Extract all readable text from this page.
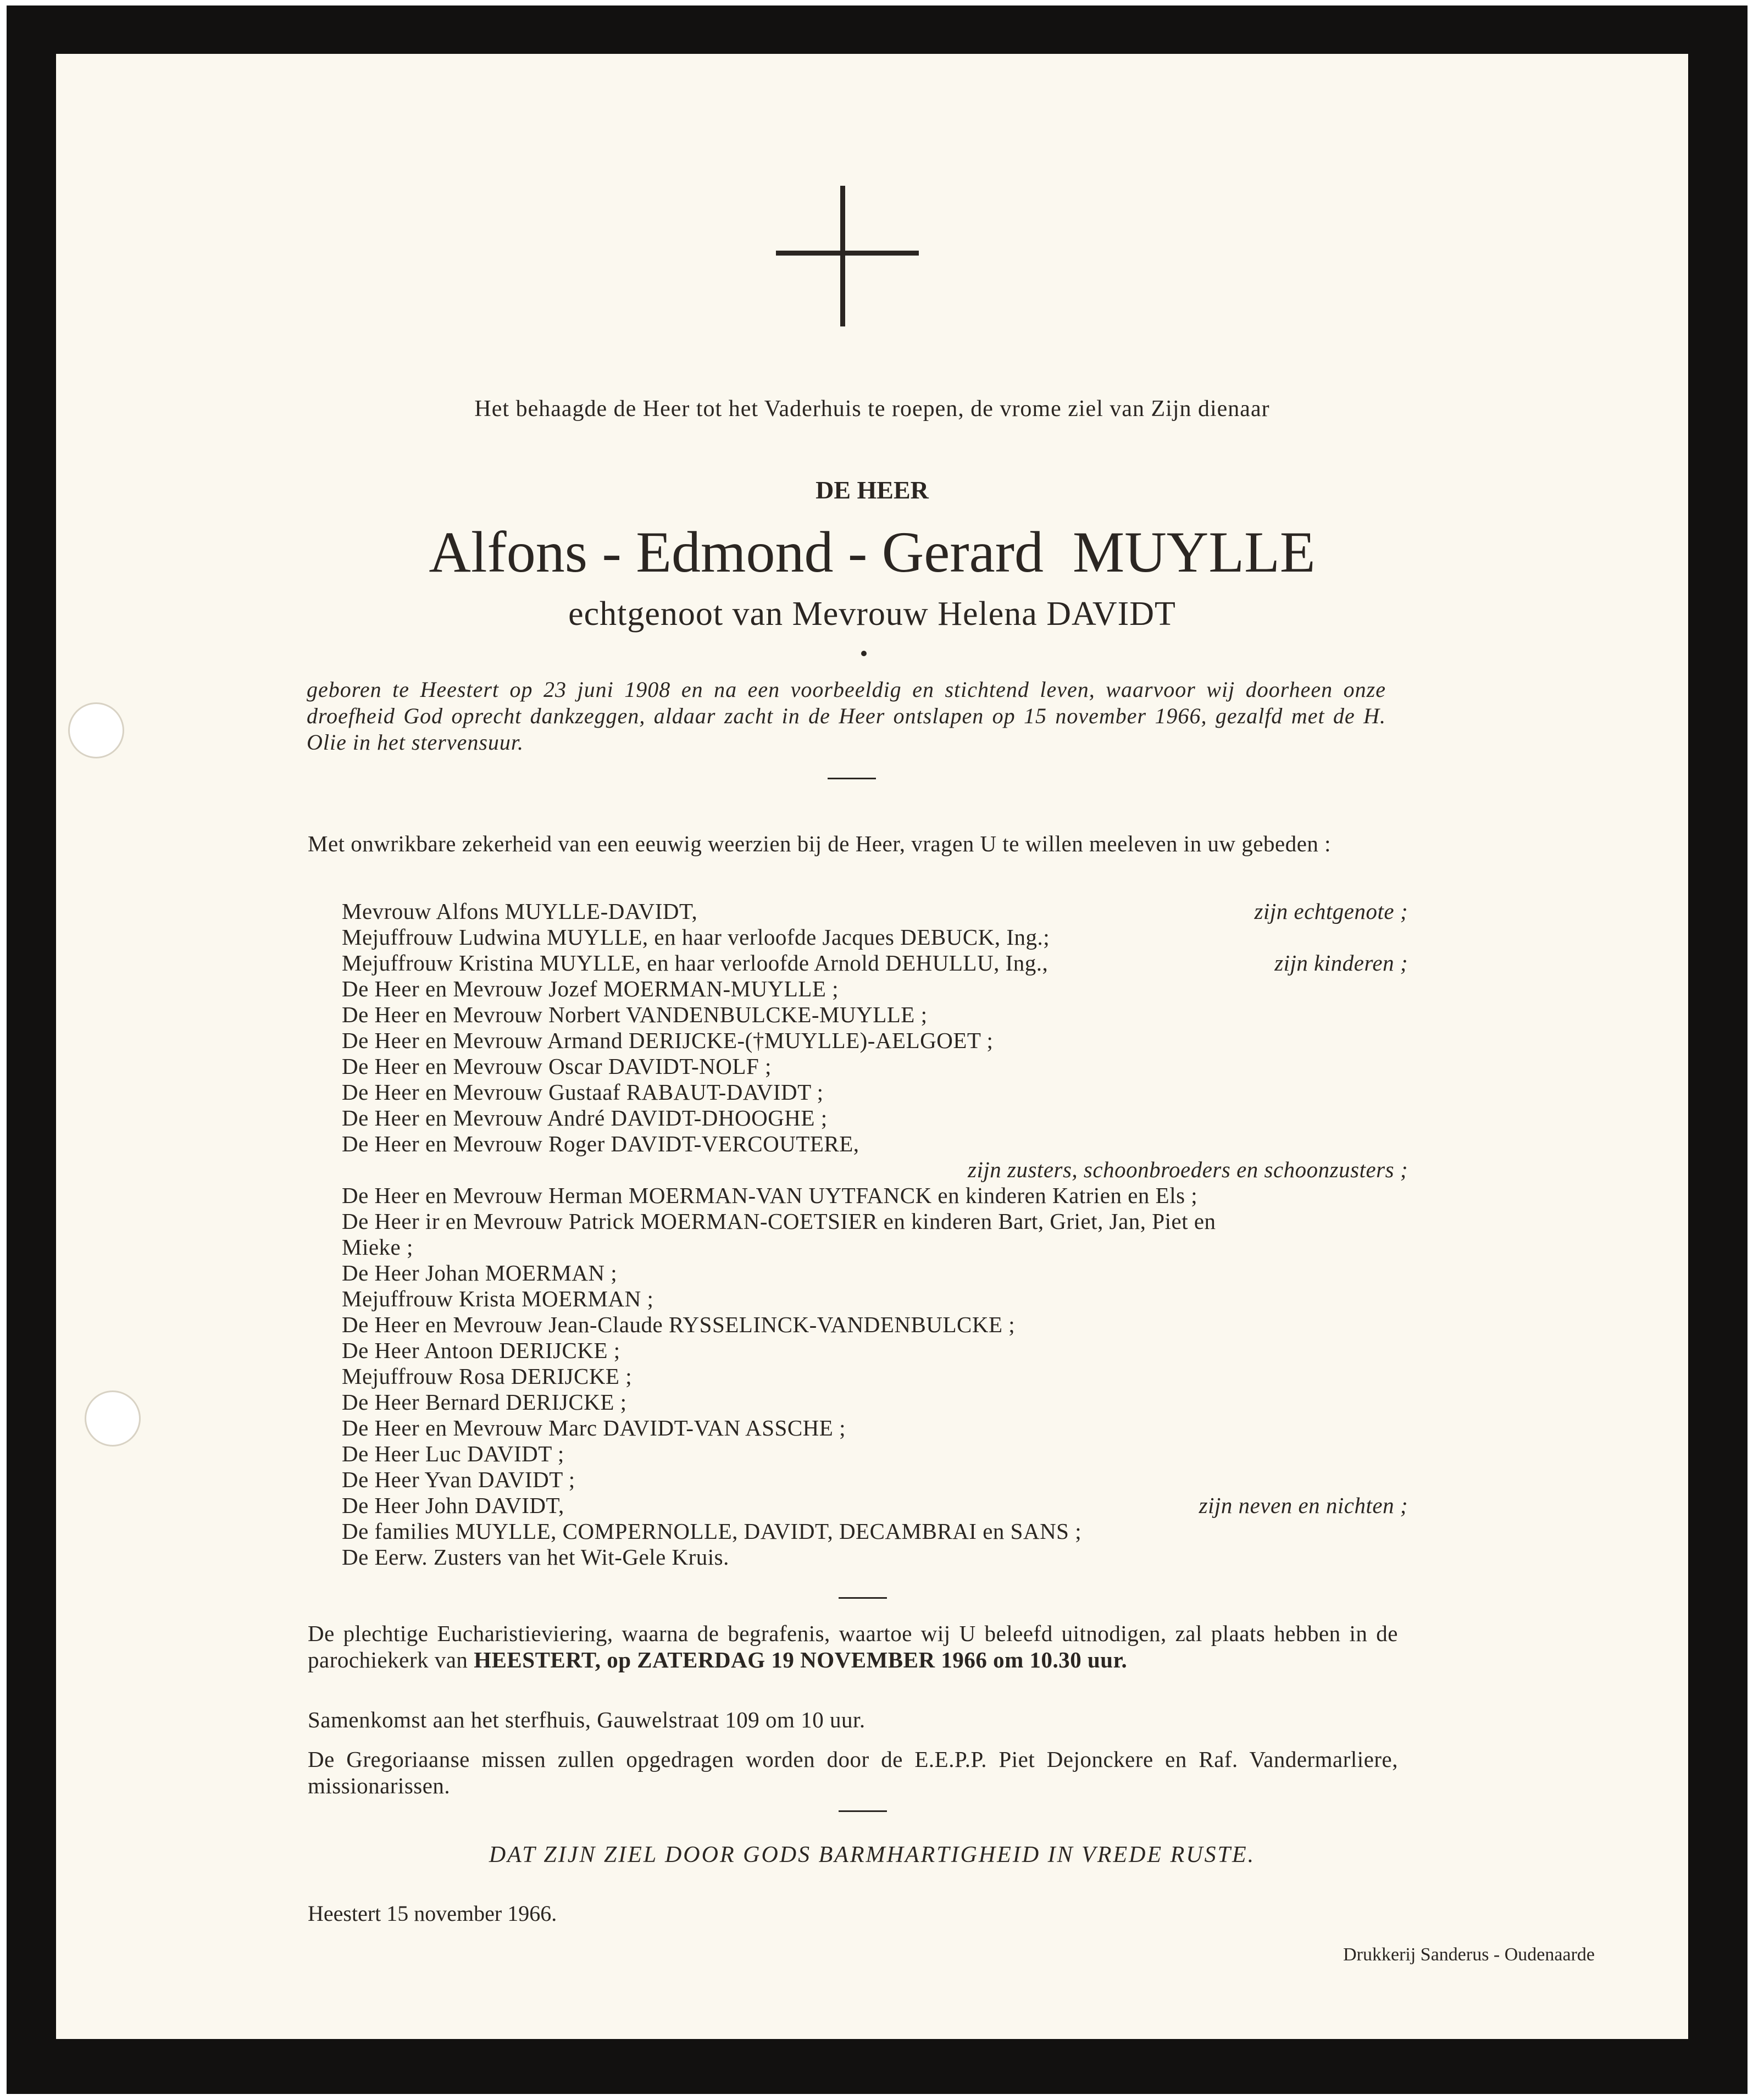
Het behaagde de Heer tot het Vaderhuis te roepen, de vrome ziel van Zijn dienaar
DE HEER
Alfons - Edmond - Gerard  MUYLLE
echtgenoot van Mevrouw Helena DAVIDT
geboren te Heestert op 23 juni 1908 en na een voorbeeldig en stichtend leven, waarvoor wij doorheen onze droefheid God oprecht dankzeggen, aldaar zacht in de Heer ontslapen op 15 november 1966, gezalfd met de H. Olie in het stervensuur.
Met onwrikbare zekerheid van een eeuwig weerzien bij de Heer, vragen U te willen meeleven in uw gebeden :
Mevrouw Alfons MUYLLE-DAVIDT,	zijn echtgenote ;
Mejuffrouw Ludwina MUYLLE, en haar verloofde Jacques DEBUCK, Ing.;
Mejuffrouw Kristina MUYLLE, en haar verloofde Arnold DEHULLU, Ing.,	zijn kinderen ;
De Heer en Mevrouw Jozef MOERMAN-MUYLLE ;
De Heer en Mevrouw Norbert VANDENBULCKE-MUYLLE ;
De Heer en Mevrouw Armand DERIJCKE-(†MUYLLE)-AELGOET ;
De Heer en Mevrouw Oscar DAVIDT-NOLF ;
De Heer en Mevrouw Gustaaf RABAUT-DAVIDT ;
De Heer en Mevrouw André DAVIDT-DHOOGHE ;
De Heer en Mevrouw Roger DAVIDT-VERCOUTERE,
zijn zusters, schoonbroeders en schoonzusters ;
De Heer en Mevrouw Herman MOERMAN-VAN UYTFANCK en kinderen Katrien en Els ;
De Heer ir en Mevrouw Patrick MOERMAN-COETSIER en kinderen Bart, Griet, Jan, Piet en
Mieke ;
De Heer Johan MOERMAN ;
Mejuffrouw Krista MOERMAN ;
De Heer en Mevrouw Jean-Claude RYSSELINCK-VANDENBULCKE ;
De Heer Antoon DERIJCKE ;
Mejuffrouw Rosa DERIJCKE ;
De Heer Bernard DERIJCKE ;
De Heer en Mevrouw Marc DAVIDT-VAN ASSCHE ;
De Heer Luc DAVIDT ;
De Heer Yvan DAVIDT ;
De Heer John DAVIDT,	zijn neven en nichten ;
De families MUYLLE, COMPERNOLLE, DAVIDT, DECAMBRAI en SANS ;
De Eerw. Zusters van het Wit-Gele Kruis.
De plechtige Eucharistieviering, waarna de begrafenis, waartoe wij U beleefd uitnodigen, zal plaats hebben in de parochiekerk van HEESTERT, op ZATERDAG 19 NOVEMBER 1966 om 10.30 uur.
Samenkomst aan het sterfhuis, Gauwelstraat 109 om 10 uur.
De Gregoriaanse missen zullen opgedragen worden door de E.E.P.P. Piet Dejonckere en Raf. Vandermarliere, missionarissen.
DAT ZIJN ZIEL DOOR GODS BARMHARTIGHEID IN VREDE RUSTE.
Heestert 15 november 1966.
Drukkerij Sanderus - Oudenaarde
